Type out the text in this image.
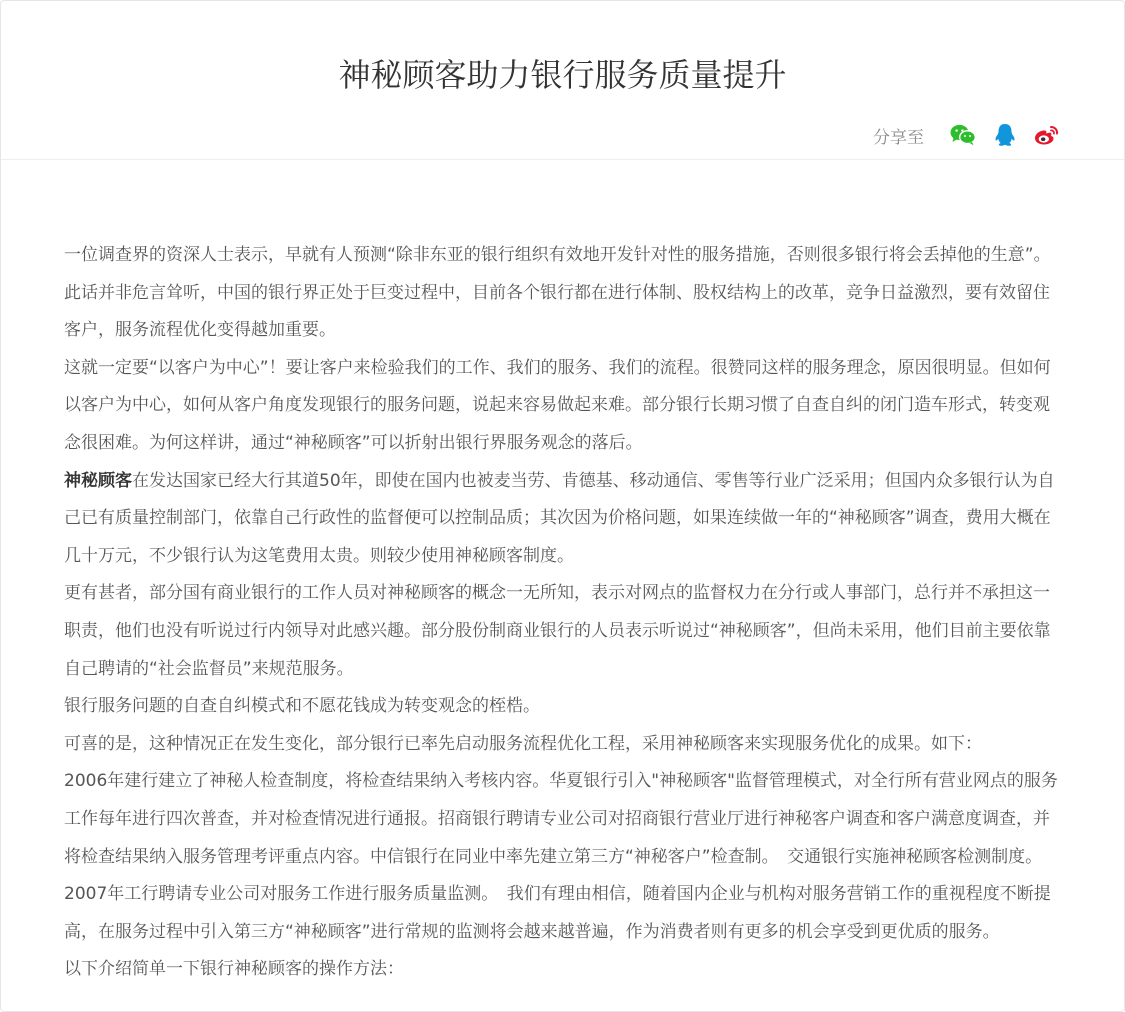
神秘顾客助力银行服务质量提升
分享至

一位调查界的资深人士表示，早就有人预测“除非东亚的银行组织有效地开发针对性的服务措施，否则很多银行将会丢掉他的生意”。此话并非危言耸听，中国的银行界正处于巨变过程中，目前各个银行都在进行体制、股权结构上的改革，竞争日益激烈，要有效留住客户，服务流程优化变得越加重要。

这就一定要“以客户为中心”！要让客户来检验我们的工作、我们的服务、我们的流程。很赞同这样的服务理念，原因很明显。但如何以客户为中心，如何从客户角度发现银行的服务问题，说起来容易做起来难。部分银行长期习惯了自查自纠的闭门造车形式，转变观念很困难。为何这样讲，通过“神秘顾客”可以折射出银行界服务观念的落后。

神秘顾客在发达国家已经大行其道50年，即使在国内也被麦当劳、肯德基、移动通信、零售等行业广泛采用；但国内众多银行认为自己已有质量控制部门，依靠自己行政性的监督便可以控制品质；其次因为价格问题，如果连续做一年的“神秘顾客”调查，费用大概在几十万元，不少银行认为这笔费用太贵。则较少使用神秘顾客制度。

更有甚者，部分国有商业银行的工作人员对神秘顾客的概念一无所知，表示对网点的监督权力在分行或人事部门，总行并不承担这一职责，他们也没有听说过行内领导对此感兴趣。部分股份制商业银行的人员表示听说过“神秘顾客”，但尚未采用，他们目前主要依靠自己聘请的“社会监督员”来规范服务。

银行服务问题的自查自纠模式和不愿花钱成为转变观念的桎梏。

可喜的是，这种情况正在发生变化，部分银行已率先启动服务流程优化工程，采用神秘顾客来实现服务优化的成果。如下：

2006年建行建立了神秘人检查制度，将检查结果纳入考核内容。华夏银行引入"神秘顾客"监督管理模式，对全行所有营业网点的服务工作每年进行四次普查，并对检查情况进行通报。招商银行聘请专业公司对招商银行营业厅进行神秘客户调查和客户满意度调查，并将检查结果纳入服务管理考评重点内容。中信银行在同业中率先建立第三方“神秘客户”检查制。　交通银行实施神秘顾客检测制度。 2007年工行聘请专业公司对服务工作进行服务质量监测。　我们有理由相信，随着国内企业与机构对服务营销工作的重视程度不断提高，在服务过程中引入第三方“神秘顾客”进行常规的监测将会越来越普遍，作为消费者则有更多的机会享受到更优质的服务。

以下介绍简单一下银行神秘顾客的操作方法：
